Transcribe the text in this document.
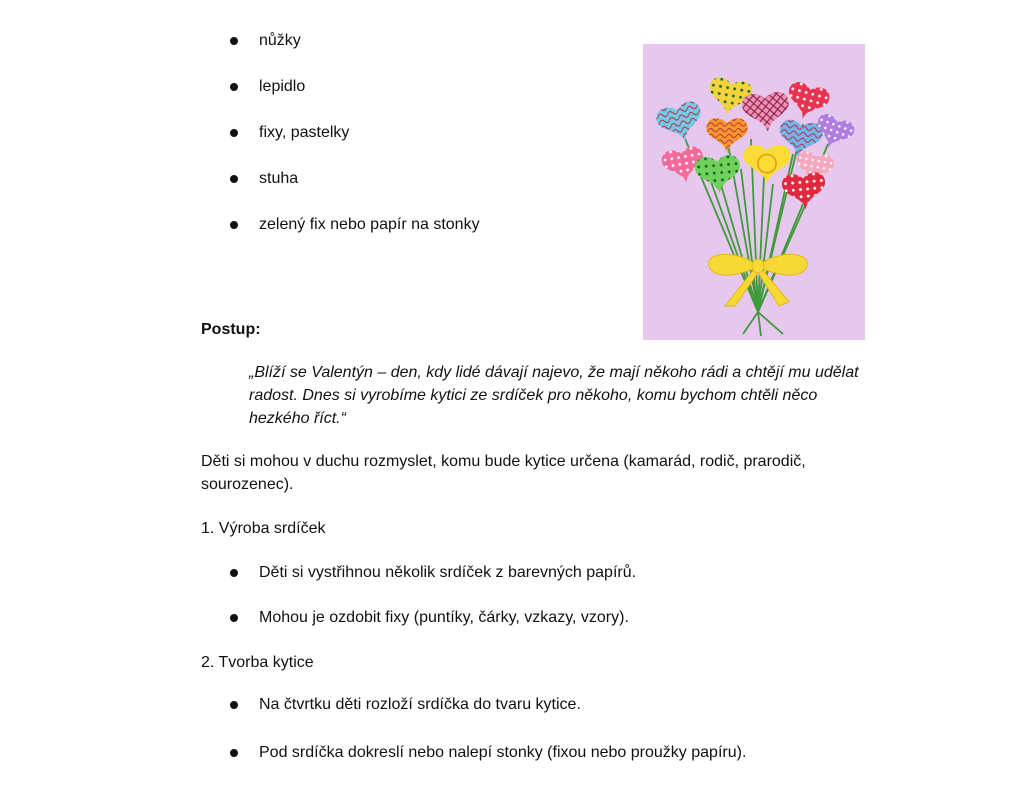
nůžky
lepidlo
fixy, pastelky
stuha
zelený fix nebo papír na stonky
Postup:
„Blíží se Valentýn – den, kdy lidé dávají najevo, že mají někoho rádi a chtějí mu udělat radost. Dnes si vyrobíme kytici ze srdíček pro někoho, komu bychom chtěli něco hezkého říct.“
Děti si mohou v duchu rozmyslet, komu bude kytice určena (kamarád, rodič, prarodič, sourozenec).
1. Výroba srdíček
Děti si vystřihnou několik srdíček z barevných papírů.
Mohou je ozdobit fixy (puntíky, čárky, vzkazy, vzory).
2. Tvorba kytice
Na čtvrtku děti rozloží srdíčka do tvaru kytice.
Pod srdíčka dokreslí nebo nalepí stonky (fixou nebo proužky papíru).
